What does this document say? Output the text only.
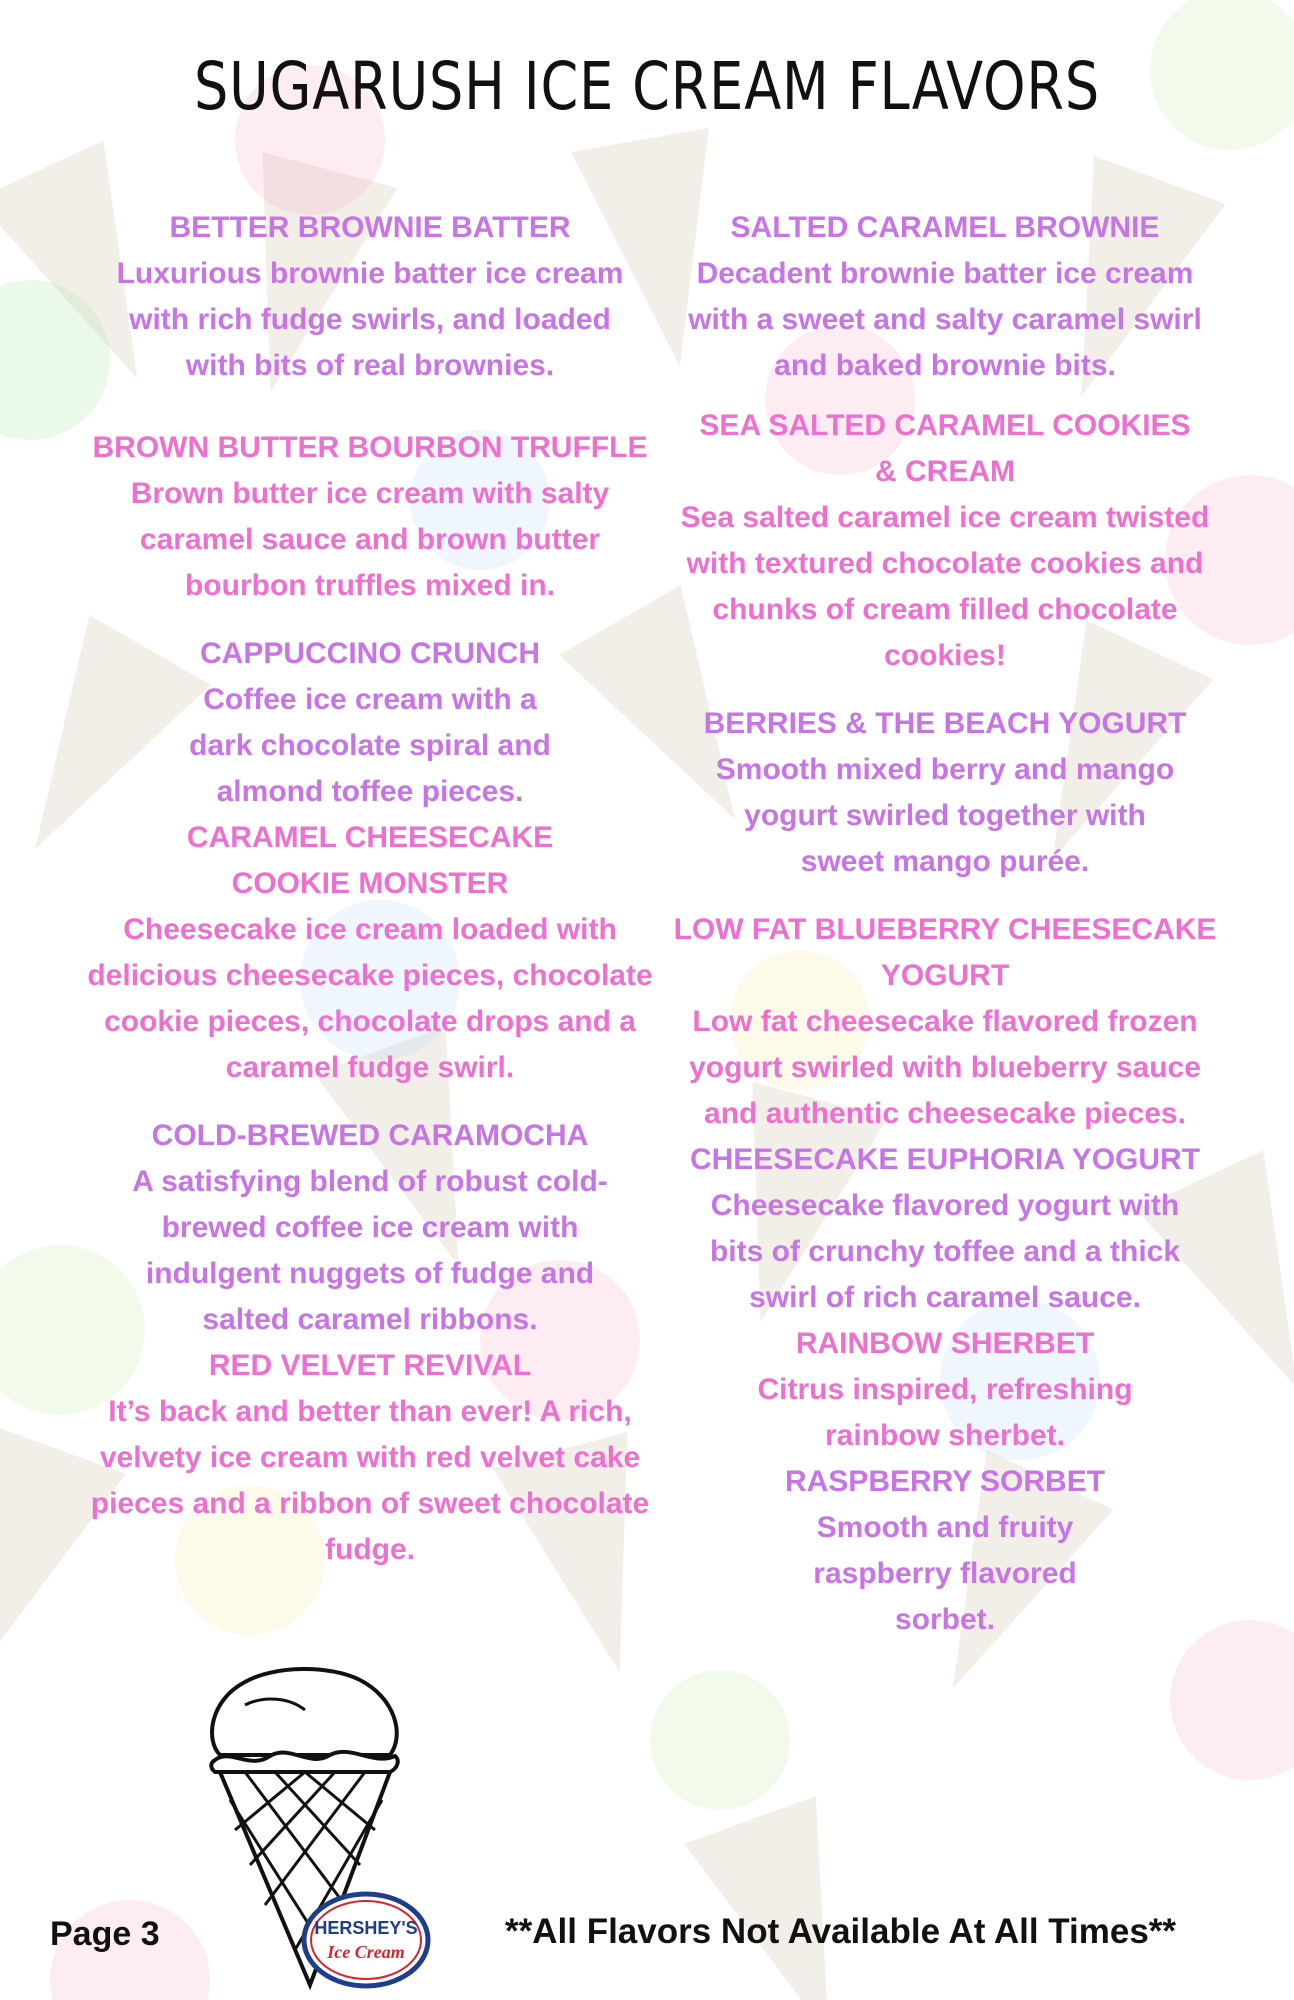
SUGARUSH ICE CREAM FLAVORS

BETTER BROWNIE BATTER

Luxurious brownie batter ice cream with rich fudge swirls, and loaded with bits of real brownies.

BROWN BUTTER BOURBON TRUFFLE

Brown butter ice cream with salty caramel sauce and brown butter bourbon truffles mixed in.

CAPPUCCINO CRUNCH

Coffee ice cream with a dark chocolate spiral and almond toffee pieces.

CARAMEL CHEESECAKE COOKIE MONSTER

Cheesecake ice cream loaded with delicious cheesecake pieces, chocolate cookie pieces, chocolate drops and a caramel fudge swirl.

COLD-BREWED CARAMOCHA

A satisfying blend of robust cold-brewed coffee ice cream with indulgent nuggets of fudge and salted caramel ribbons.

RED VELVET REVIVAL

It’s back and better than ever! A rich, velvety ice cream with red velvet cake pieces and a ribbon of sweet chocolate fudge.

SALTED CARAMEL BROWNIE

Decadent brownie batter ice cream with a sweet and salty caramel swirl and baked brownie bits.

SEA SALTED CARAMEL COOKIES & CREAM

Sea salted caramel ice cream twisted with textured chocolate cookies and chunks of cream filled chocolate cookies!

BERRIES & THE BEACH YOGURT

Smooth mixed berry and mango yogurt swirled together with sweet mango purée.

LOW FAT BLUEBERRY CHEESECAKE YOGURT

Low fat cheesecake flavored frozen yogurt swirled with blueberry sauce and authentic cheesecake pieces.

CHEESECAKE EUPHORIA YOGURT

Cheesecake flavored yogurt with bits of crunchy toffee and a thick swirl of rich caramel sauce.

RAINBOW SHERBET

Citrus inspired, refreshing rainbow sherbet.

RASPBERRY SORBET

Smooth and fruity raspberry flavored sorbet.

HERSHEY'S
Ice Cream
Page 3	**All Flavors Not Available At All Times**
